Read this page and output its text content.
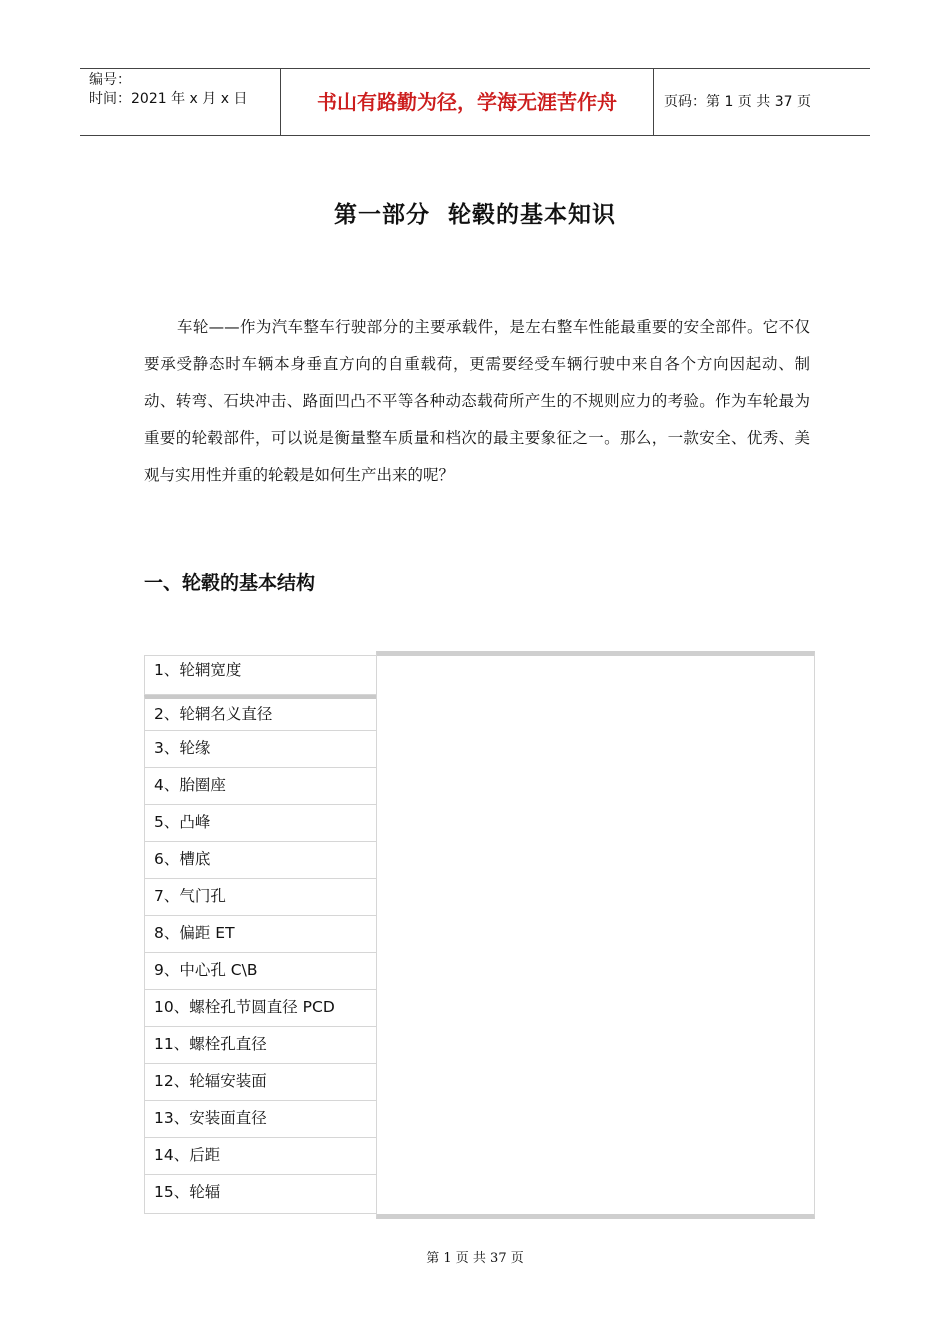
编号：
时间：2021 年 x 月 x 日	书山有路勤为径，学海无涯苦作舟	页码：第 1 页 共 37 页
第一部分 轮毂的基本知识

车轮——作为汽车整车行驶部分的主要承载件，是左右整车性能最重要的安全部件。它不仅要承受静态时车辆本身垂直方向的自重载荷，更需要经受车辆行驶中来自各个方向因起动、制动、转弯、石块冲击、路面凹凸不平等各种动态载荷所产生的不规则应力的考验。作为车轮最为重要的轮毂部件，可以说是衡量整车质量和档次的最主要象征之一。那么，一款安全、优秀、美观与实用性并重的轮毂是如何生产出来的呢？

一、轮毂的基本结构
1、轮辋宽度
2、轮辋名义直径
3、轮缘
4、胎圈座
5、凸峰
6、槽底
7、气门孔
8、偏距 ET
9、中心孔 C\B
10、螺栓孔节圆直径 PCD
11、螺栓孔直径
12、轮辐安装面
13、安装面直径
14、后距
15、轮辐
第 1 页 共 37 页
